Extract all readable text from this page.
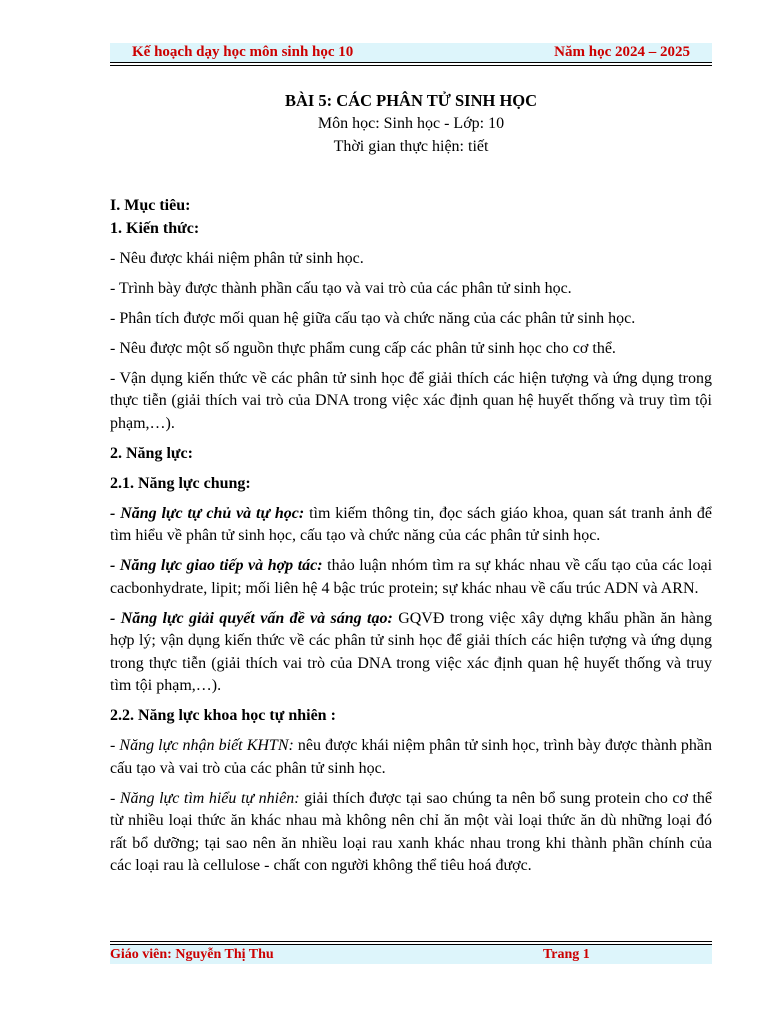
Kế hoạch dạy học môn sinh học 10	Năm học 2024 – 2025

BÀI 5: CÁC PHÂN TỬ SINH HỌC

Môn học: Sinh học - Lớp: 10

Thời gian thực hiện: tiết

I. Mục tiêu:

1. Kiến thức:

- Nêu được khái niệm phân tử sinh học.

- Trình bày được thành phần cấu tạo và vai trò của các phân tử sinh học.

- Phân tích được mối quan hệ giữa cấu tạo và chức năng của các phân tử sinh học.

- Nêu được một số nguồn thực phẩm cung cấp các phân tử sinh học cho cơ thể.

- Vận dụng kiến thức về các phân tử sinh học để giải thích các hiện tượng và ứng dụng trong thực tiễn (giải thích vai trò của DNA trong việc xác định quan hệ huyết thống và truy tìm tội phạm,…).

2. Năng lực:

2.1. Năng lực chung:

- Năng lực tự chủ và tự học: tìm kiếm thông tin, đọc sách giáo khoa, quan sát tranh ảnh để tìm hiểu về phân tử sinh học, cấu tạo và chức năng của các phân tử sinh học.

- Năng lực giao tiếp và hợp tác: thảo luận nhóm tìm ra sự khác nhau về cấu tạo của các loại cacbonhydrate, lipit; mối liên hệ 4 bậc trúc protein; sự khác nhau về cấu trúc ADN và ARN.

- Năng lực giải quyết vấn đề và sáng tạo: GQVĐ trong việc xây dựng khẩu phần ăn hàng hợp lý; vận dụng kiến thức về các phân tử sinh học để giải thích các hiện tượng và ứng dụng trong thực tiễn (giải thích vai trò của DNA trong việc xác định quan hệ huyết thống và truy tìm tội phạm,…).

2.2. Năng lực khoa học tự nhiên :

- Năng lực nhận biết KHTN: nêu được khái niệm phân tử sinh học, trình bày được thành phần cấu tạo và vai trò của các phân tử sinh học.

- Năng lực tìm hiểu tự nhiên: giải thích được tại sao chúng ta nên bổ sung protein cho cơ thể từ nhiều loại thức ăn khác nhau mà không nên chỉ ăn một vài loại thức ăn dù những loại đó rất bổ dưỡng; tại sao nên ăn nhiều loại rau xanh khác nhau trong khi thành phần chính của các loại rau là cellulose - chất con người không thể tiêu hoá được.

Giáo viên: Nguyễn Thị Thu	Trang 1
